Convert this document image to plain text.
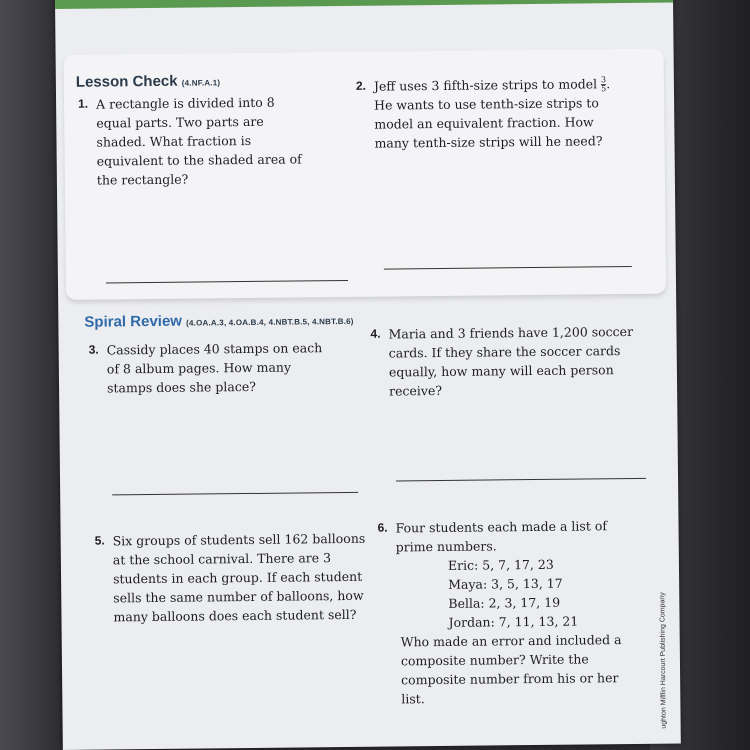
Lesson Check (4.NF.A.1)
1. A rectangle is divided into 8 equal parts. Two parts are shaded. What fraction is equivalent to the shaded area of the rectangle?

2. Jeff uses 3 fifth-size strips to model $\frac{3}{5}$ . He wants to use tenth-size strips to model an equivalent fraction. How many tenth-size strips will he need?

Spiral Review (4.OA.A.3, 4.OA.B.4, 4.NBT.B.5, 4.NBT.B.6)
3. Cassidy places 40 stamps on each of 8 album pages. How many stamps does she place?

4. Maria and 3 friends have 1,200 soccer cards. If they share the soccer cards equally, how many will each person receive?

5. Six groups of students sell 162 balloons at the school carnival. There are 3 students in each group. If each student sells the same number of balloons, how many balloons does each student sell?

6. Four students each made a list of prime numbers.

Eric: 5, 7, 17, 23

Maya: 3, 5, 13, 17

Bella: 2, 3, 17, 19

Jordan: 7, 11, 13, 21

Who made an error and included a composite number? Write the composite number from his or her list.	ughton Mifflin Harcourt Publishing Company
